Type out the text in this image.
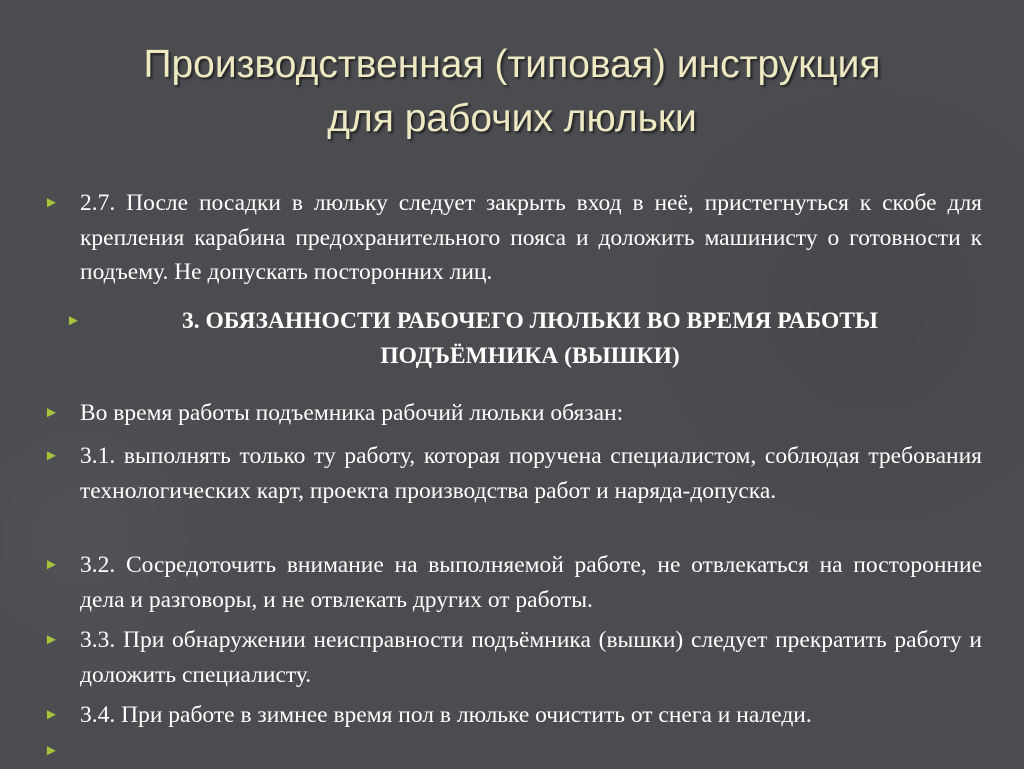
Производственная (типовая) инструкция
для рабочих люльки
► 2.7. После посадки в люльку следует закрыть вход в неё, пристегнуться к скобе для крепления карабина предохранительного пояса и доложить машинисту о готовности к подъему. Не допускать посторонних лиц.
►	3. ОБЯЗАННОСТИ РАБОЧЕГО ЛЮЛЬКИ ВО ВРЕМЯ РАБОТЫ ПОДЪЁМНИКА (ВЫШКИ)
► Во время работы подъемника рабочий люльки обязан:
► 3.1. выполнять только ту работу, которая поручена специалистом, соблюдая требования технологических карт, проекта производства работ и наряда-допуска.
► 3.2. Сосредоточить внимание на выполняемой работе, не отвлекаться на посторонние дела и разговоры, и не отвлекать других от работы.
► 3.3. При обнаружении неисправности подъёмника (вышки) следует прекратить работу и доложить специалисту.
► 3.4. При работе в зимнее время пол в люльке очистить от снега и наледи.
►
